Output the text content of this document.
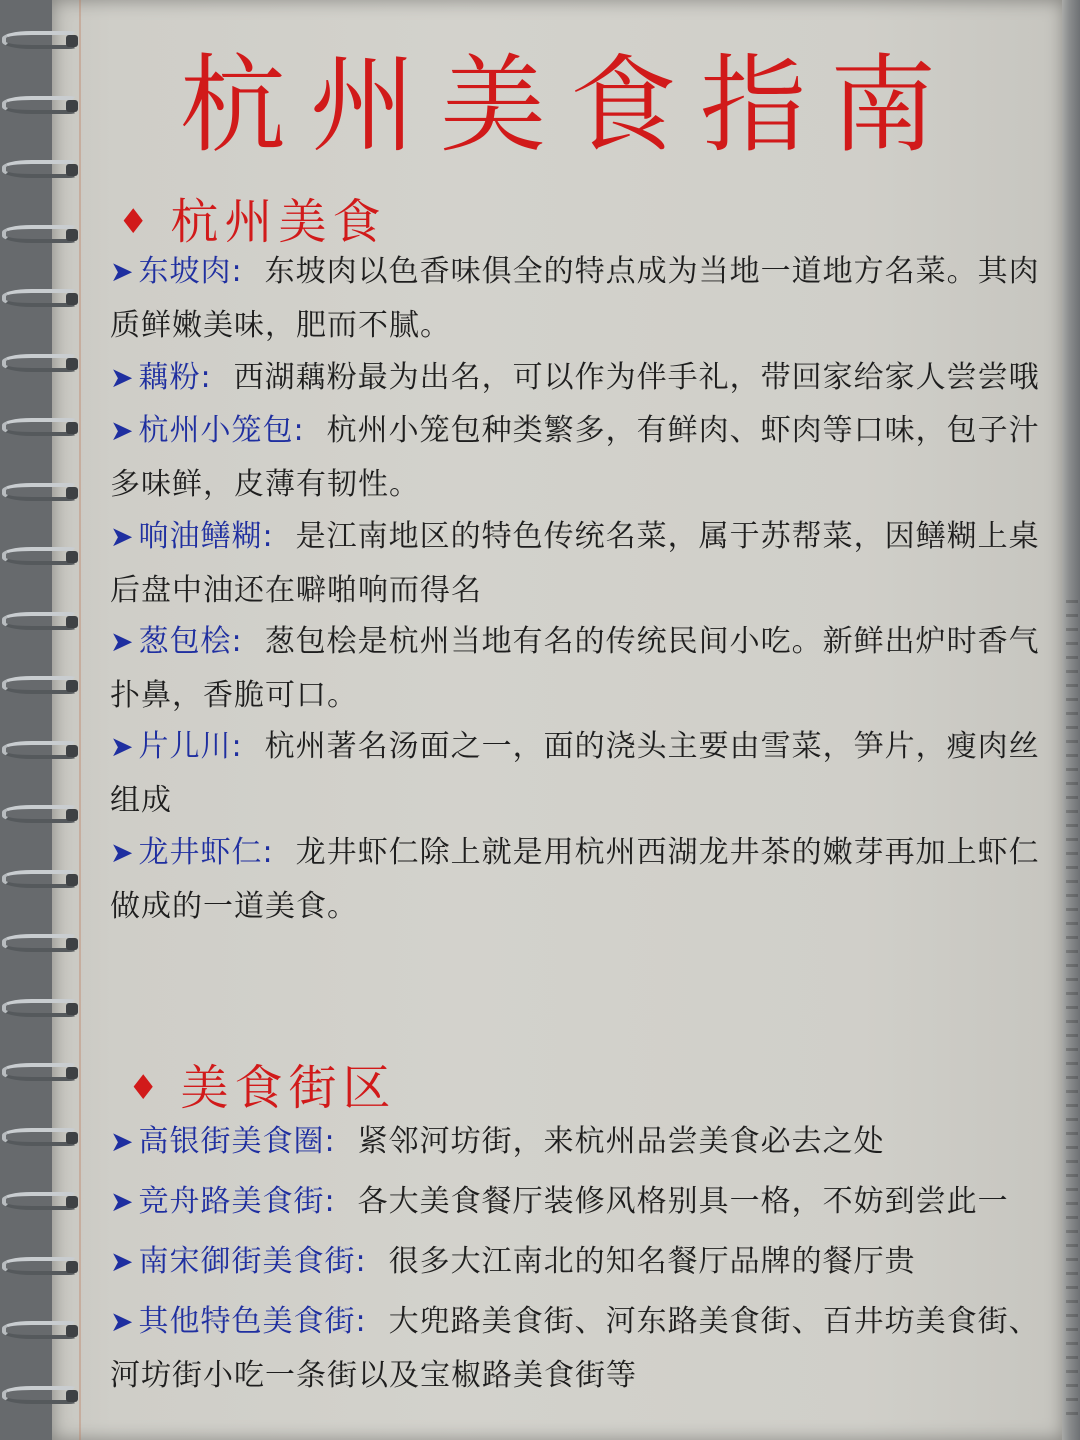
杭州美食指南
♦ 杭州美食
➤ 东坡肉: 东坡肉以色香味俱全的特点成为当地一道地方名菜。其肉质鲜嫩美味，肥而不腻。
➤ 藕粉: 西湖藕粉最为出名，可以作为伴手礼，带回家给家人尝尝哦
➤ 杭州小笼包: 杭州小笼包种类繁多，有鲜肉、虾肉等口味，包子汁多味鲜，皮薄有韧性。
➤ 响油鳝糊: 是江南地区的特色传统名菜，属于苏帮菜，因鳝糊上桌后盘中油还在噼啪响而得名
➤ 葱包桧: 葱包桧是杭州当地有名的传统民间小吃。新鲜出炉时香气扑鼻，香脆可口。
➤ 片儿川: 杭州著名汤面之一，面的浇头主要由雪菜，笋片，瘦肉丝组成
➤ 龙井虾仁: 龙井虾仁除上就是用杭州西湖龙井茶的嫩芽再加上虾仁做成的一道美食。
♦ 美食街区
➤ 高银街美食圈: 紧邻河坊街，来杭州品尝美食必去之处
➤ 竞舟路美食街: 各大美食餐厅装修风格别具一格，不妨到尝此一
➤ 南宋御街美食街: 很多大江南北的知名餐厅品牌的餐厅贵
➤ 其他特色美食街: 大兜路美食街、河东路美食街、百井坊美食街、河坊街小吃一条街以及宝椒路美食街等
